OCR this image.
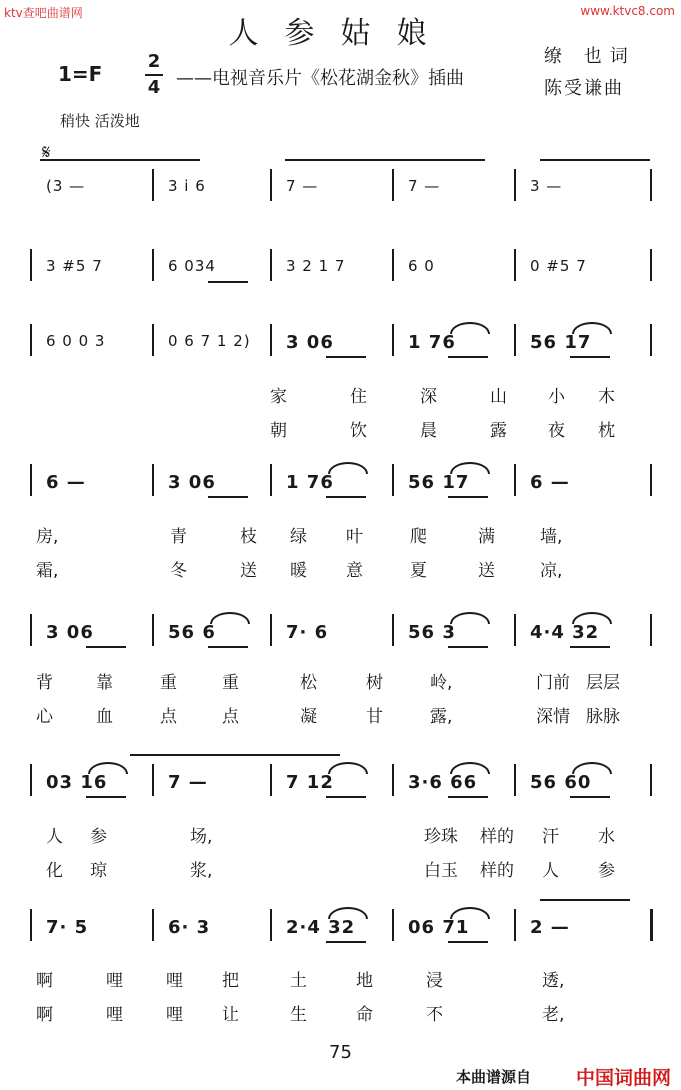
ktv查吧曲谱网	www.ktvc8.com
人参姑娘
$1=F \frac{2}{4}$ ——电视音乐片《松花湖金秋》插曲
缭 也词
陈受谦曲
稍快 活泼地
𝄋
(3 —	3 i 6	7 —	7 —	3 —
3 #5 7	6 034	3 2 1 7	6 0	0 #5 7
6 0 0 3	0 6 7 1 2) 3 06	1 76	56 17
6 —	3 06	1 76	56 17	6 —
3 06	56 6	7· 6	56 3	4·4 32
03 16	7 —	7 12	3·6 66	56 60
7· 5	6· 3	2·4 32	06 71	2 —
家	住	深	山 小 木
朝	饮	晨	露 夜 枕
房,	青	枝 绿 叶	爬	满	墙,
霜,	冬	送 暖 意	夏	送	凉,
背	靠	重	重	松	树	岭,	门前 层层
心	血	点	点	凝	甘	露,	深情 脉脉
人 参	场,	珍珠 样的 汗 水
化 琼	浆,	白玉 样的 人 参
啊	哩	哩 把	土	地	浸	透,
啊	哩	哩 让	生	命	不	老,
75
本曲谱源自 中国词曲网
